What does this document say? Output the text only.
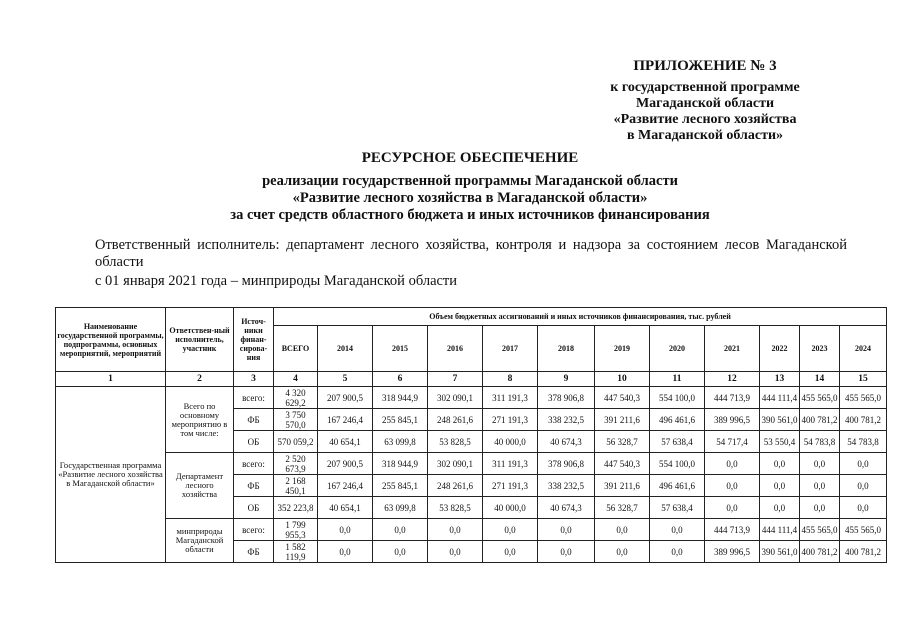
ПРИЛОЖЕНИЕ № 3
к государственной программе
Магаданской области
«Развитие лесного хозяйства
в Магаданской области»
РЕСУРСНОЕ ОБЕСПЕЧЕНИЕ
реализации государственной программы Магаданской области
«Развитие лесного хозяйства в Магаданской области»
за счет средств областного бюджета и иных источников финансирования
Ответственный исполнитель: департамент лесного хозяйства, контроля и надзора за состоянием лесов Магаданской области
с 01 января 2021 года – минприроды Магаданской области
Наименование государственной программы, подпрограммы, основных мероприятий, мероприятий	Ответствен-ный исполнитель, участник	Источ-ники финан-сирова-ния	Объем бюджетных ассигнований и иных источников финансирования, тыс. рублей											
			ВСЕГО	2014	2015	2016	2017	2018	2019	2020	2021	2022	2023	2024
1	2	3	4	5	6	7	8	9	10	11	12	13	14	15
Государственная программа «Развитие лесного хозяйства в Магаданской области»	Всего по основному мероприятию в том числе:	всего:	4 320 629,2	207 900,5	318 944,9	302 090,1	311 191,3	378 906,8	447 540,3	554 100,0	444 713,9	444 111,4	455 565,0	455 565,0
		ФБ	3 750 570,0	167 246,4	255 845,1	248 261,6	271 191,3	338 232,5	391 211,6	496 461,6	389 996,5	390 561,0	400 781,2	400 781,2
		ОБ	570 059,2	40 654,1	63 099,8	53 828,5	40 000,0	40 674,3	56 328,7	57 638,4	54 717,4	53 550,4	54 783,8	54 783,8
	Департамент лесного хозяйства	всего:	2 520 673,9	207 900,5	318 944,9	302 090,1	311 191,3	378 906,8	447 540,3	554 100,0	0,0	0,0	0,0	0,0
		ФБ	2 168 450,1	167 246,4	255 845,1	248 261,6	271 191,3	338 232,5	391 211,6	496 461,6	0,0	0,0	0,0	0,0
		ОБ	352 223,8	40 654,1	63 099,8	53 828,5	40 000,0	40 674,3	56 328,7	57 638,4	0,0	0,0	0,0	0,0
	минприроды Магаданской области	всего:	1 799 955,3	0,0	0,0	0,0	0,0	0,0	0,0	0,0	444 713,9	444 111,4	455 565,0	455 565,0
		ФБ	1 582 119,9	0,0	0,0	0,0	0,0	0,0	0,0	0,0	389 996,5	390 561,0	400 781,2	400 781,2
